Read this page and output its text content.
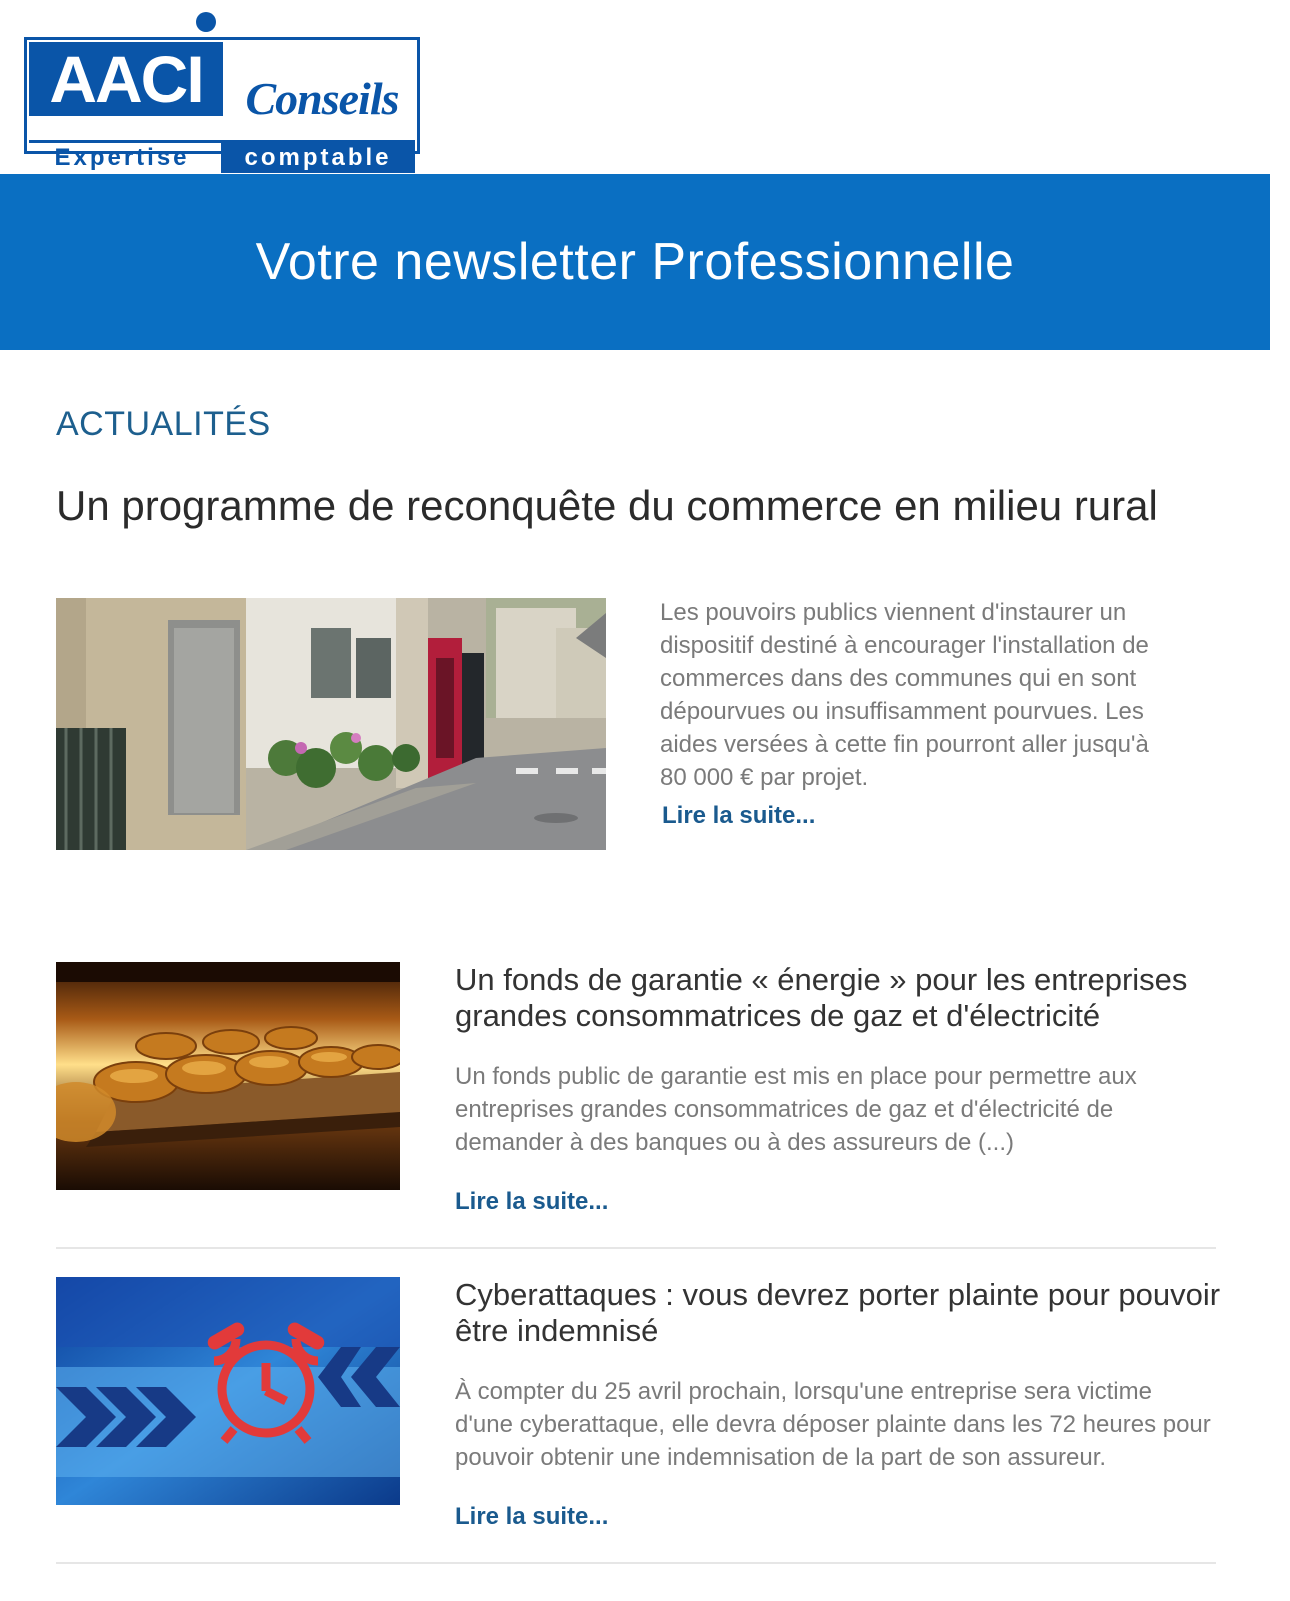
AACI Conseils
Expertise	comptable
Votre newsletter Professionnelle
ACTUALITÉS
Un programme de reconquête du commerce en milieu rural

Les pouvoirs publics viennent d'instaurer un dispositif destiné à encourager l'installation de commerces dans des communes qui en sont dépourvues ou insuffisamment pourvues. Les aides versées à cette fin pourront aller jusqu'à 80 000 € par projet.

Lire la suite...
Un fonds de garantie « énergie » pour les entreprises grandes consommatrices de gaz et d'électricité

Un fonds public de garantie est mis en place pour permettre aux entreprises grandes consommatrices de gaz et d'électricité de demander à des banques ou à des assureurs de (...)

Lire la suite...
Cyberattaques : vous devrez porter plainte pour pouvoir être indemnisé

À compter du 25 avril prochain, lorsqu'une entreprise sera victime d'une cyberattaque, elle devra déposer plainte dans les 72 heures pour pouvoir obtenir une indemnisation de la part de son assureur.

Lire la suite...
